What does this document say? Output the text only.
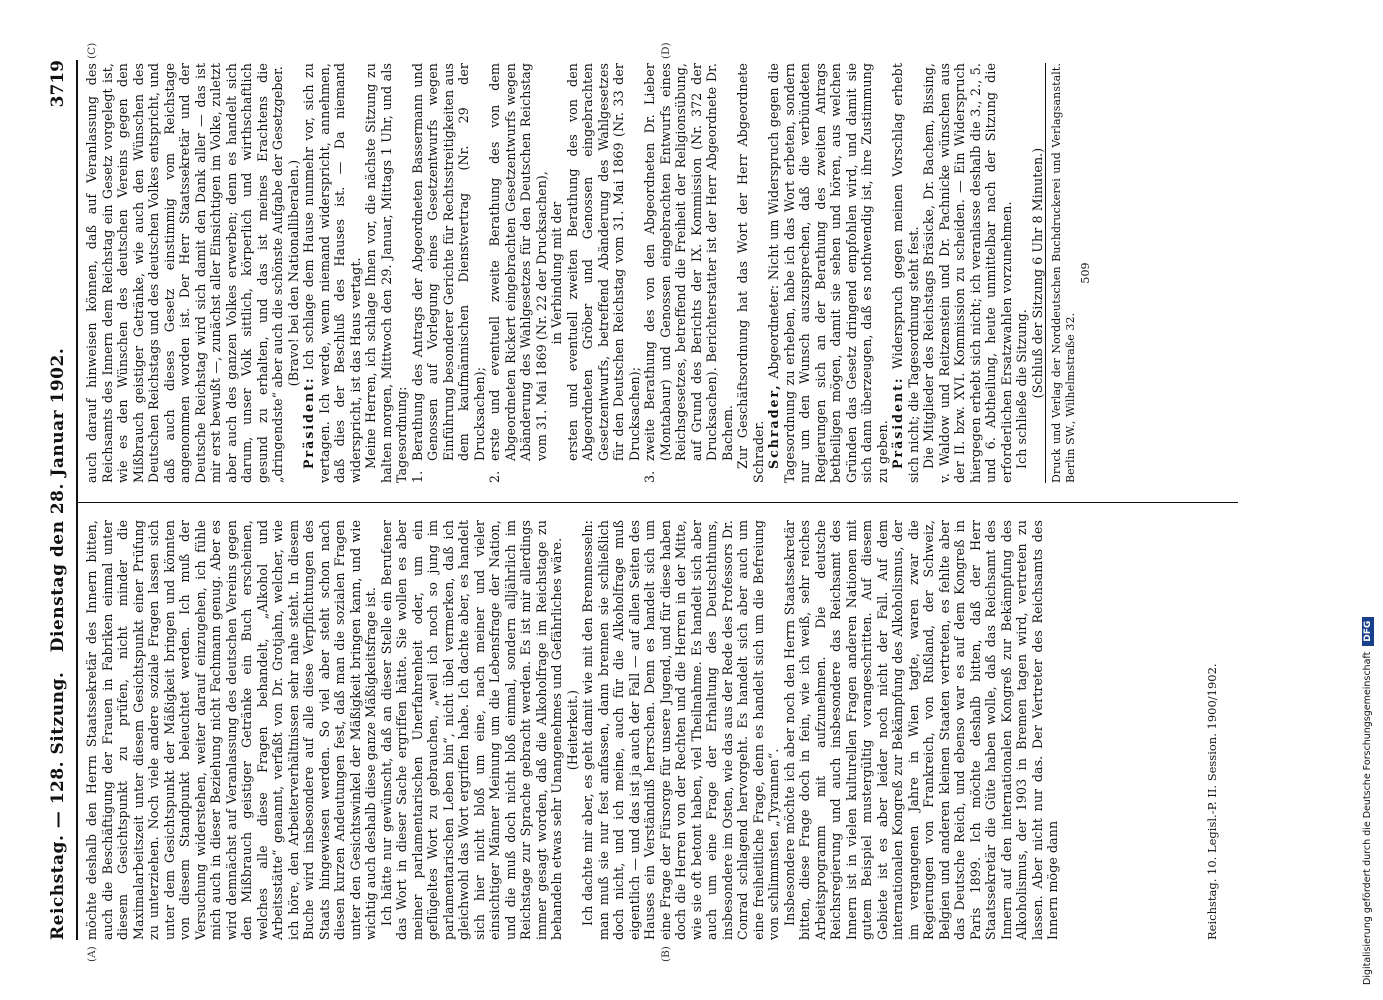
Reichstag. — 128. Sitzung.
Dienstag den 28. Januar 1902.
3719
(A)	(B)
(C)	(D)

möchte deshalb den Herrn Staatssekretär des Innern bitten, auch die Beschäftigung der Frauen in Fabriken einmal unter diesem Gesichtspunkt zu prüfen, nicht minder die Maximalarbeitszeit unter diesem Gesichtspunkt einer Prüfung zu unterziehen. Noch viele andere soziale Fragen lassen sich unter dem Gesichtspunkt der Mäßigkeit bringen und könnten von diesem Standpunkt beleuchtet werden. Ich muß der Versuchung widerstehen, weiter darauf einzugehen, ich fühle mich auch in dieser Beziehung nicht Fachmann genug. Aber es wird demnächst auf Veranlassung des deutschen Vereins gegen den Mißbrauch geistiger Getränke ein Buch erscheinen, welches alle diese Fragen behandelt, „Alkohol und Arbeitsstätte“ genannt, verfaßt von Dr. Grotjahn, welcher, wie ich höre, den Arbeiterverhältnissen sehr nahe steht. In diesem Buche wird insbesondere auf alle diese Verpflichtungen des Staats hingewiesen werden. So viel aber steht schon nach diesen kurzen Andeutungen fest, daß man die sozialen Fragen unter den Gesichtswinkel der Mäßigkeit bringen kann, und wie wichtig auch deshalb diese ganze Mäßigkeitsfrage ist. Ich hätte nur gewünscht, daß an dieser Stelle ein Berufener das Wort in dieser Sache ergriffen hätte. Sie wollen es aber meiner parlamentarischen Unerfahrenheit oder, um ein geflügeltes Wort zu gebrauchen, „weil ich noch so jung im parlamentarischen Leben bin“, nicht übel vermerken, daß ich gleichwohl das Wort ergriffen habe. Ich dachte aber, es handelt sich hier nicht bloß um eine, nach meiner und vieler einsichtiger Männer Meinung um die Lebensfrage der Nation, und die muß doch nicht bloß einmal, sondern alljährlich im Reichstage zur Sprache gebracht werden. Es ist mir allerdings immer gesagt worden, daß die Alkoholfrage im Reichstage zu behandeln etwas sehr Unangenehmes und Gefährliches wäre. (Heiterkeit.) Ich dachte mir aber, es geht damit wie mit den Brennnesseln: man muß sie nur fest anfassen, dann brennen sie schließlich doch nicht, und ich meine, auch für die Alkoholfrage muß eigentlich — und das ist ja auch der Fall — auf allen Seiten des Hauses ein Verständniß herrschen. Denn es handelt sich um eine Frage der Fürsorge für unsere Jugend, und für diese haben doch die Herren von der Rechten und die Herren in der Mitte, wie sie oft betont haben, viel Theilnahme. Es handelt sich aber auch um eine Frage der Erhaltung des Deutschthums, insbesondere im Osten, wie das aus der Rede des Professors Dr. Conrad schlagend hervorgeht. Es handelt sich aber auch um eine freiheitliche Frage, denn es handelt sich um die Befreiung von schlimmsten „Tyrannen“. Insbesondere möchte ich aber noch den Herrn Staatssekretär bitten, diese Frage doch in fein, wie ich weiß, sehr reiches Arbeitsprogramm mit aufzunehmen. Die deutsche Reichsregierung und auch insbesondere das Reichsamt des Innern ist in vielen kulturellen Fragen anderen Nationen mit gutem Beispiel mustergültig vorangeschritten. Auf diesem Gebiete ist es aber leider noch nicht der Fall. Auf dem internationalen Kongreß zur Bekämpfung des Alkoholismus, der im vergangenen Jahre in Wien tagte, waren zwar die Regierungen von Frankreich, von Rußland, der Schweiz, Belgien und anderen kleinen Staaten vertreten, es fehlte aber das Deutsche Reich, und ebenso war es auf dem Kongreß in Paris 1899. Ich möchte deshalb bitten, daß der Herr Staatssekretär die Güte haben wolle, daß das Reichsamt des Innern auf den internationalen Kongreß zur Bekämpfung des Alkoholismus, der 1903 in Bremen tagen wird, vertreten zu lassen. Aber nicht nur das. Der Vertreter des Reichsamts des Innern möge dann	Reichstag. 10. Legisl.-P. II. Session. 1900/1902.

auch darauf hinweisen können, daß auf Veranlassung des Reichsamts des Innern dem Reichstag ein Gesetz vorgelegt ist, wie es den Wünschen des deutschen Vereins gegen den Mißbrauch geistiger Getränke, wie auch den Wünschen des Deutschen Reichstags und des deutschen Volkes entspricht, und daß auch dieses Gesetz einstimmig vom Reichstage angenommen worden ist. Der Herr Staatssekretär und der Deutsche Reichstag wird sich damit den Dank aller — das ist mir erst bewußt —, zunächst aller Einsichtigen im Volke, zuletzt aber auch des ganzen Volkes erwerben; denn es handelt sich darum, unser Volk sittlich, körperlich und wirthschaftlich gesund zu erhalten, und das ist meines Erachtens die „dringendste“ aber auch die schönste Aufgabe der Gesetzgeber. (Bravo! bei den Nationalliberalen.)

Präsident: Ich schlage dem Hause nunmehr vor, sich zu vertagen. Ich werde, wenn niemand widerspricht, annehmen, daß dies der Beschluß des Hauses ist. — Da niemand widerspricht, ist das Haus vertagt. Meine Herren, ich schlage Ihnen vor, die nächste Sitzung zu halten morgen, Mittwoch den 29. Januar, Mittags 1 Uhr, und als Tagesordnung: 1.
Berathung des Antrags der Abgeordneten Bassermann und Genossen auf Vorlegung eines Gesetzentwurfs wegen Einführung besonderer Gerichte für Rechtsstreitigkeiten aus dem kaufmännischen Dienstvertrag (Nr. 29 der Drucksachen);

2.
erste und eventuell zweite Berathung des von dem Abgeordneten Rickert eingebrachten Gesetzentwurfs wegen Abänderung des Wahlgesetzes für den Deutschen Reichstag vom 31. Mai 1869 (Nr. 22 der Drucksachen), in Verbindung mit der ersten und eventuell zweiten Berathung des von den Abgeordneten Gröber und Genossen eingebrachten Gesetzentwurfs, betreffend Abänderung des Wahlgesetzes für den Deutschen Reichstag vom 31. Mai 1869 (Nr. 33 der Drucksachen);

3.
zweite Berathung des von den Abgeordneten Dr. Lieber (Montabaur) und Genossen eingebrachten Entwurfs eines Reichsgesetzes, betreffend die Freiheit der Religionsübung, auf Grund des Berichts der IX. Kommission (Nr. 372 der Drucksachen). Berichterstatter ist der Herr Abgeordnete Dr. Bachem. Zur Geschäftsordnung hat das Wort der Herr Abgeordnete Schrader. Schrader, Abgeordneter: Nicht um Widerspruch gegen die Tagesordnung zu erheben, habe ich das Wort erbeten, sondern nur um den Wunsch auszusprechen, daß die verbündeten Regierungen sich an der Berathung des zweiten Antrags betheiligen mögen, damit sie sehen und hören, aus welchen Gründen das Gesetz dringend empfohlen wird, und damit sie sich dann überzeugen, daß es nothwendig ist, ihre Zustimmung zu geben. Präsident: Widerspruch gegen meinen Vorschlag erhebt sich nicht; die Tagesordnung steht fest. Die Mitglieder des Reichstags Bräsicke, Dr. Bachem, Bissing, v. Waldow und Reitzenstein und Dr. Pachnicke wünschen aus der II. bzw. XVI. Kommission zu scheiden. — Ein Widerspruch hiergegen erhebt sich nicht; ich veranlasse deshalb die 3., 2., 5. und 6. Abtheilung, heute unmittelbar nach der Sitzung die erforderlichen Ersatzwahlen vorzunehmen. Ich schließe die Sitzung. (Schluß der Sitzung 6 Uhr 8 Minuten.) Druck und Verlag der Norddeutschen Buchdruckerei und Verlagsanstalt. Berlin SW., Wilhelmstraße 32.

509

Digitalisierung gefördert durch die Deutsche ForschungsgemeinschaftDFG
